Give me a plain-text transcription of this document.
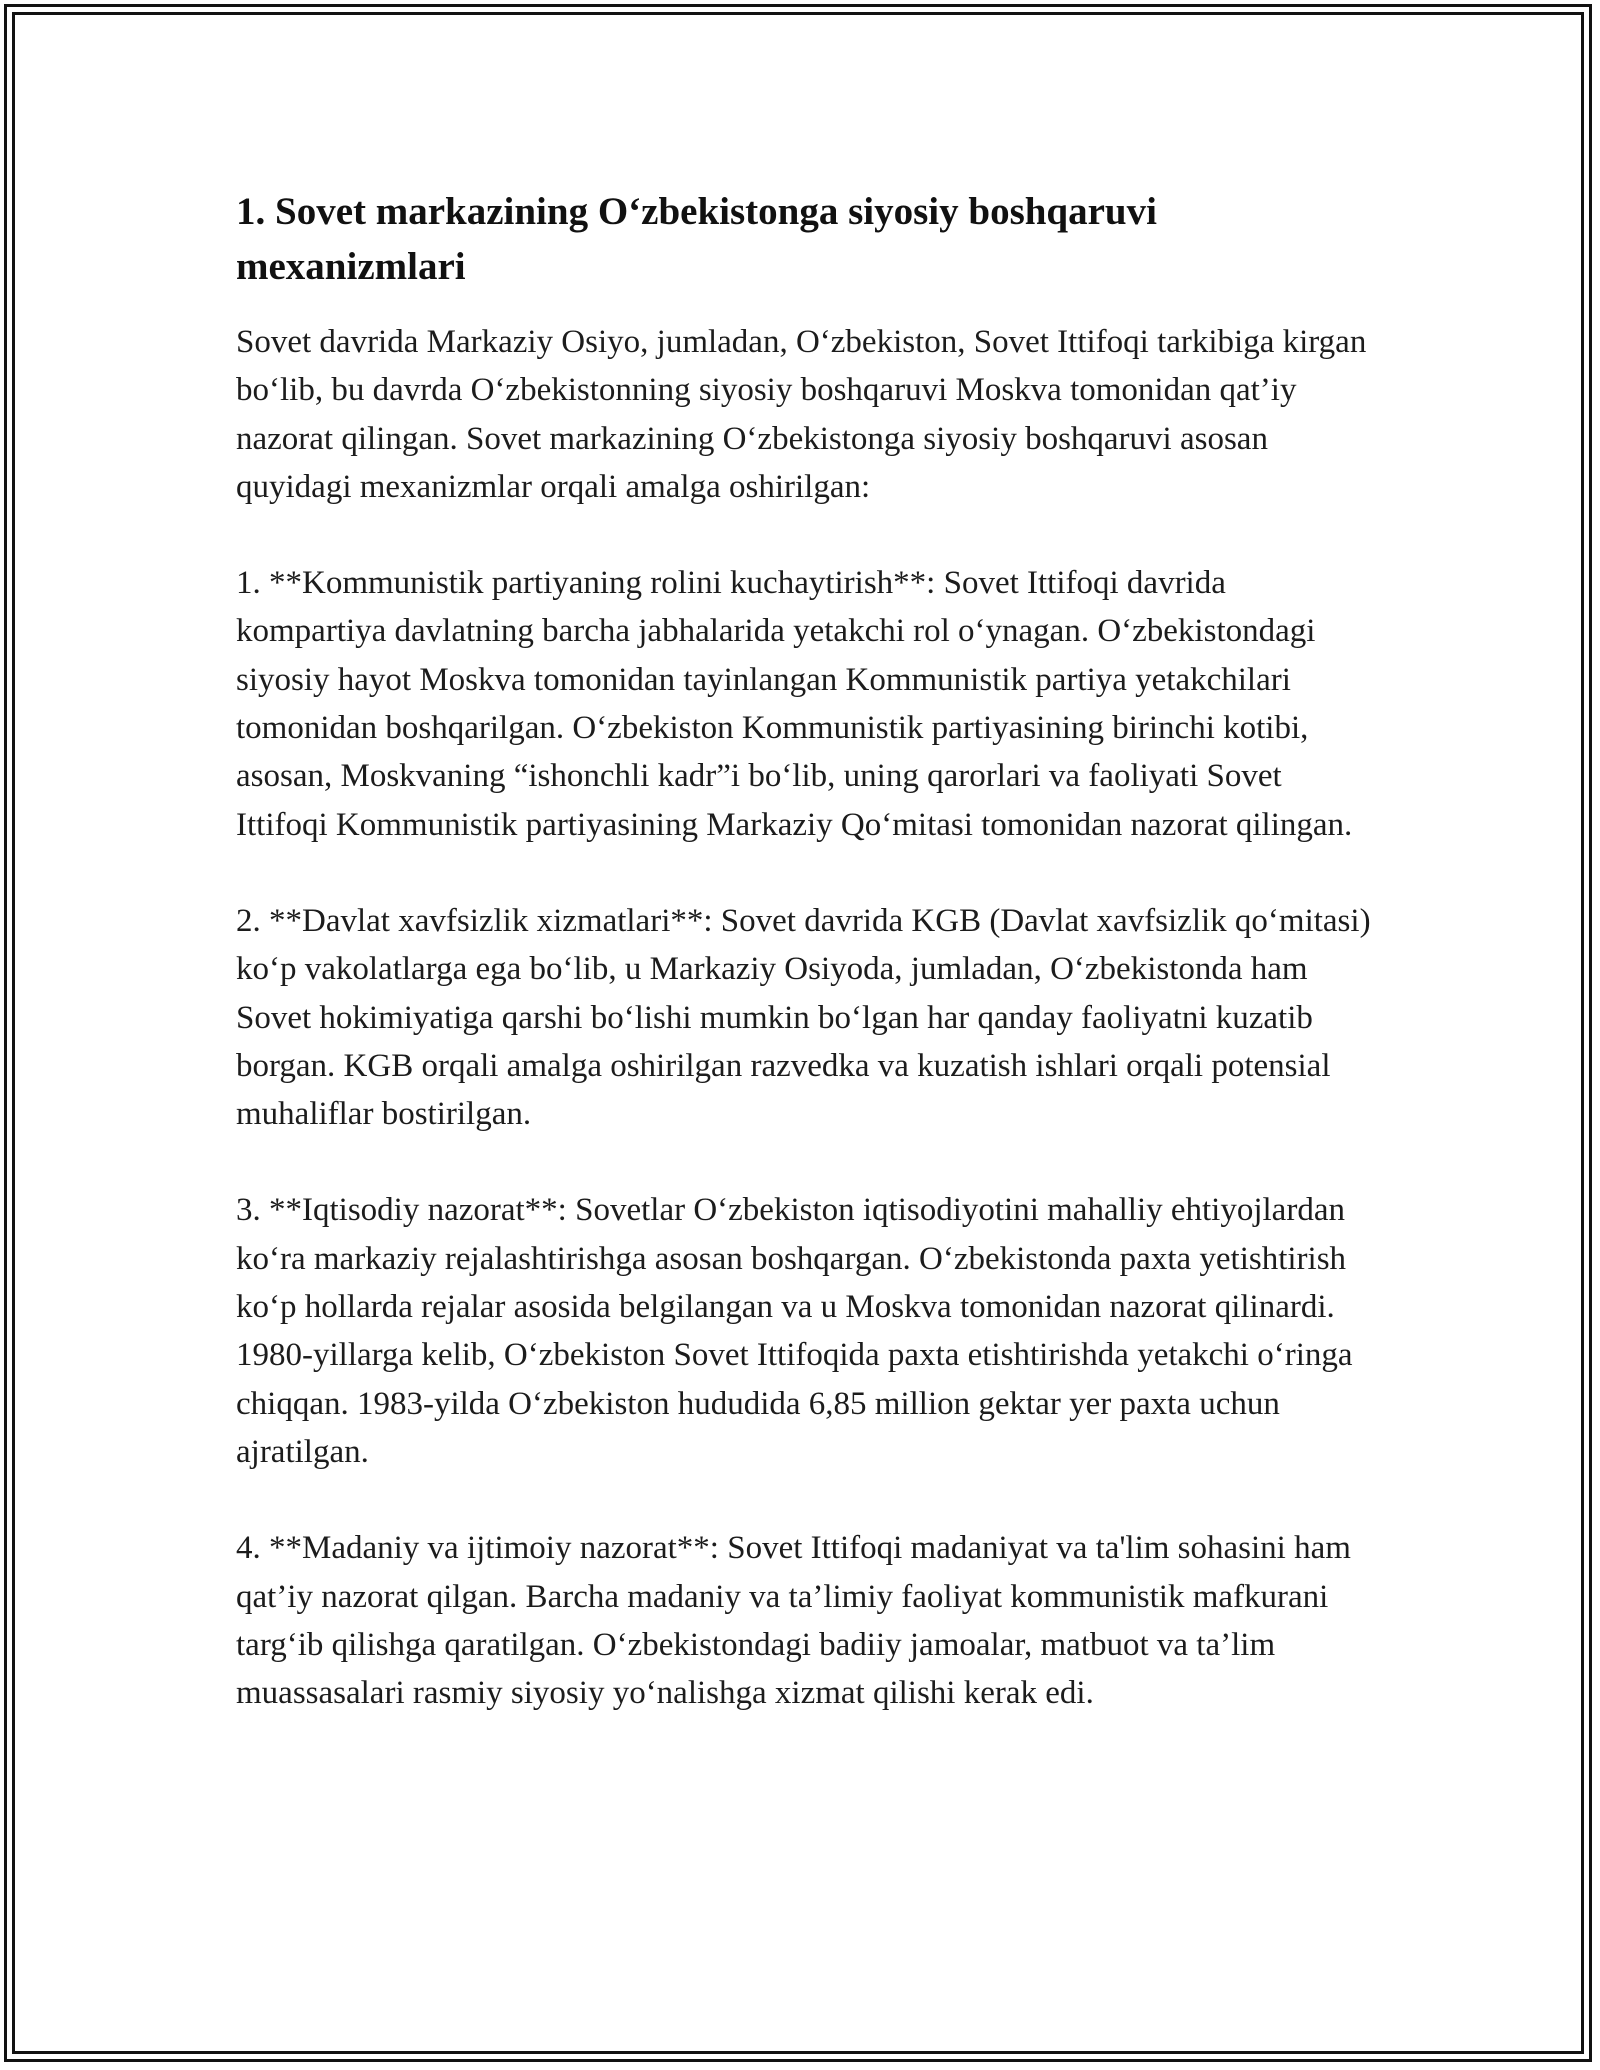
1. Sovet markazining O‘zbekistonga siyosiy boshqaruvi mexanizmlari

Sovet davrida Markaziy Osiyo, jumladan, O‘zbekiston, Sovet Ittifoqi tarkibiga kirgan bo‘lib, bu davrda O‘zbekistonning siyosiy boshqaruvi Moskva tomonidan qat’iy nazorat qilingan. Sovet markazining O‘zbekistonga siyosiy boshqaruvi asosan quyidagi mexanizmlar orqali amalga oshirilgan:

1. **Kommunistik partiyaning rolini kuchaytirish**: Sovet Ittifoqi davrida kompartiya davlatning barcha jabhalarida yetakchi rol o‘ynagan. O‘zbekistondagi siyosiy hayot Moskva tomonidan tayinlangan Kommunistik partiya yetakchilari tomonidan boshqarilgan. O‘zbekiston Kommunistik partiyasining birinchi kotibi, asosan, Moskvaning “ishonchli kadr”i bo‘lib, uning qarorlari va faoliyati Sovet Ittifoqi Kommunistik partiyasining Markaziy Qo‘mitasi tomonidan nazorat qilingan.

2. **Davlat xavfsizlik xizmatlari**: Sovet davrida KGB (Davlat xavfsizlik qo‘mitasi) ko‘p vakolatlarga ega bo‘lib, u Markaziy Osiyoda, jumladan, O‘zbekistonda ham Sovet hokimiyatiga qarshi bo‘lishi mumkin bo‘lgan har qanday faoliyatni kuzatib borgan. KGB orqali amalga oshirilgan razvedka va kuzatish ishlari orqali potensial muhaliflar bostirilgan.

3. **Iqtisodiy nazorat**: Sovetlar O‘zbekiston iqtisodiyotini mahalliy ehtiyojlardan ko‘ra markaziy rejalashtirishga asosan boshqargan. O‘zbekistonda paxta yetishtirish ko‘p hollarda rejalar asosida belgilangan va u Moskva tomonidan nazorat qilinardi. 1980-yillarga kelib, O‘zbekiston Sovet Ittifoqida paxta etishtirishda yetakchi o‘ringa chiqqan. 1983-yilda O‘zbekiston hududida 6,85 million gektar yer paxta uchun ajratilgan.

4. **Madaniy va ijtimoiy nazorat**: Sovet Ittifoqi madaniyat va ta'lim sohasini ham qat’iy nazorat qilgan. Barcha madaniy va ta’limiy faoliyat kommunistik mafkurani targ‘ib qilishga qaratilgan. O‘zbekistondagi badiiy jamoalar, matbuot va ta’lim muassasalari rasmiy siyosiy yo‘nalishga xizmat qilishi kerak edi.
